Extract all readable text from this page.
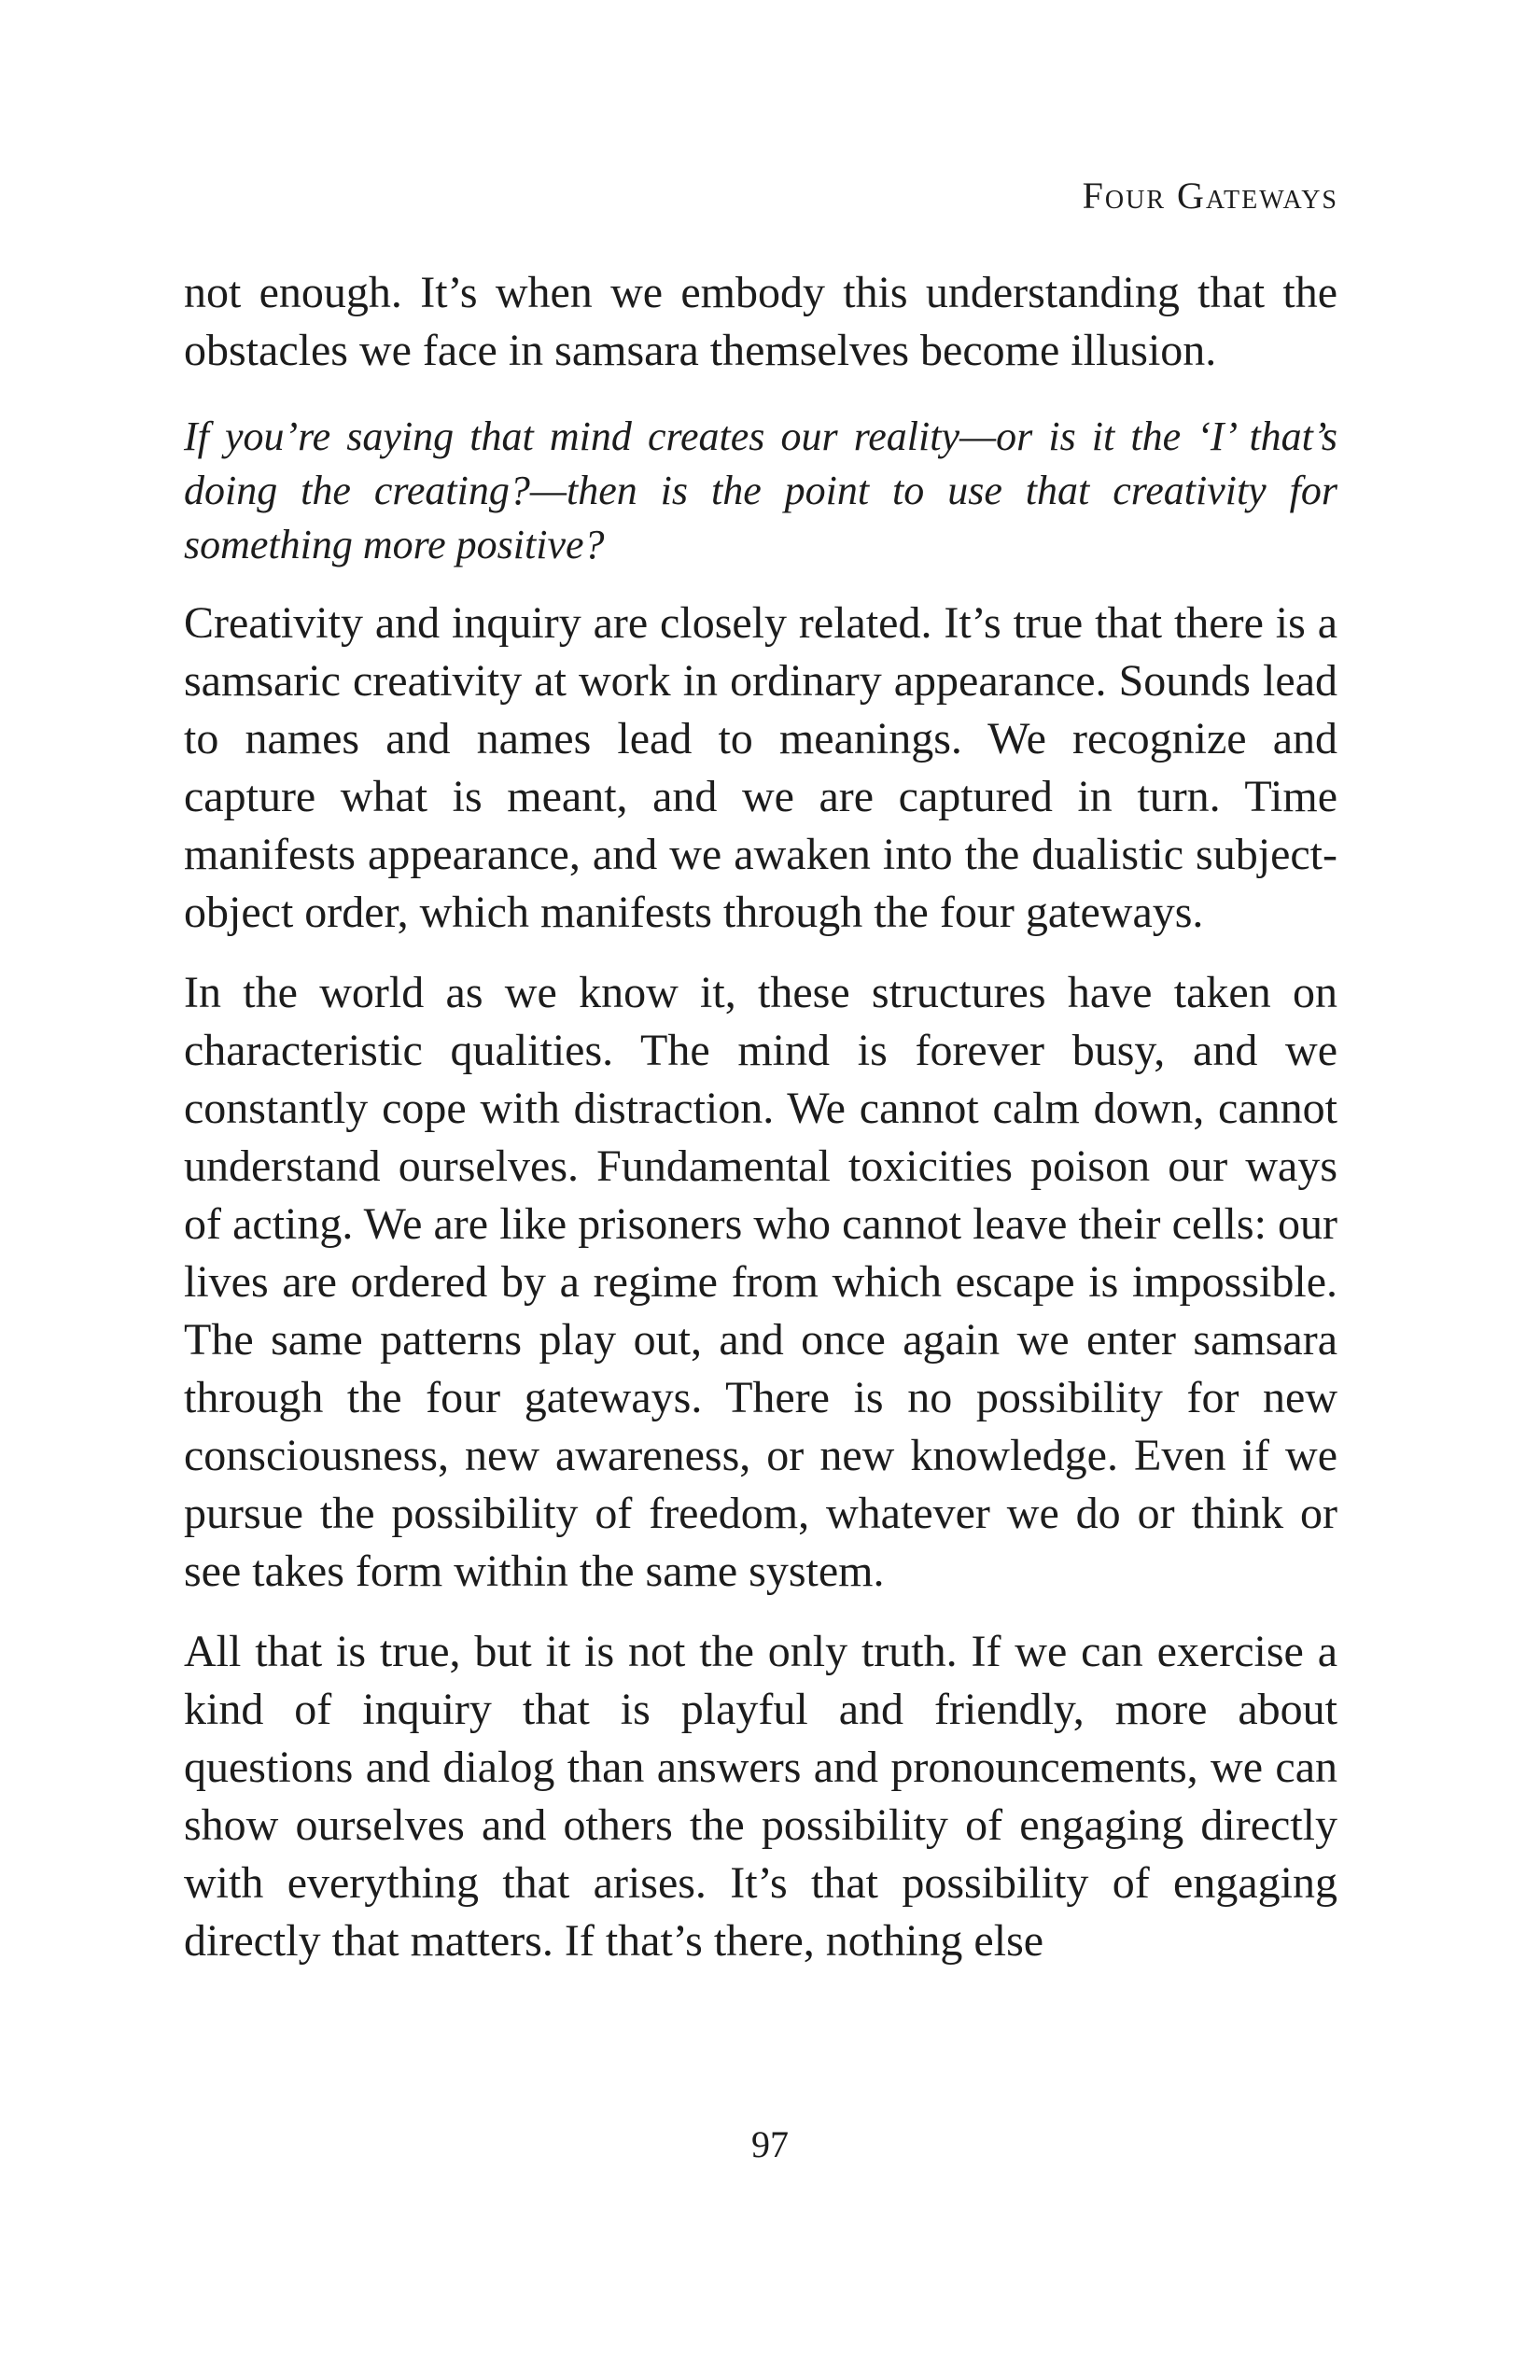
Four Gateways

not enough. It’s when we embody this understanding that the obstacles we face in samsara themselves become illusion.

If you’re saying that mind creates our reality—or is it the ‘I’ that’s doing the creating?—then is the point to use that creativity for something more positive?

Creativity and inquiry are closely related. It’s true that there is a samsaric creativity at work in ordinary appearance. Sounds lead to names and names lead to meanings. We recognize and capture what is meant, and we are captured in turn. Time manifests appearance, and we awaken into the dualistic subject-object order, which manifests through the four gateways.

In the world as we know it, these structures have taken on characteristic qualities. The mind is forever busy, and we constantly cope with distraction. We cannot calm down, cannot understand ourselves. Fundamental toxicities poison our ways of acting. We are like prisoners who cannot leave their cells: our lives are ordered by a regime from which escape is impossible. The same patterns play out, and once again we enter samsara through the four gateways. There is no possibility for new consciousness, new awareness, or new knowledge. Even if we pursue the possibility of freedom, whatever we do or think or see takes form within the same system.

All that is true, but it is not the only truth. If we can exercise a kind of inquiry that is playful and friendly, more about questions and dialog than answers and pronouncements, we can show ourselves and others the possibility of engaging directly with everything that arises. It’s that possibility of engaging directly that matters. If that’s there, nothing else

97
